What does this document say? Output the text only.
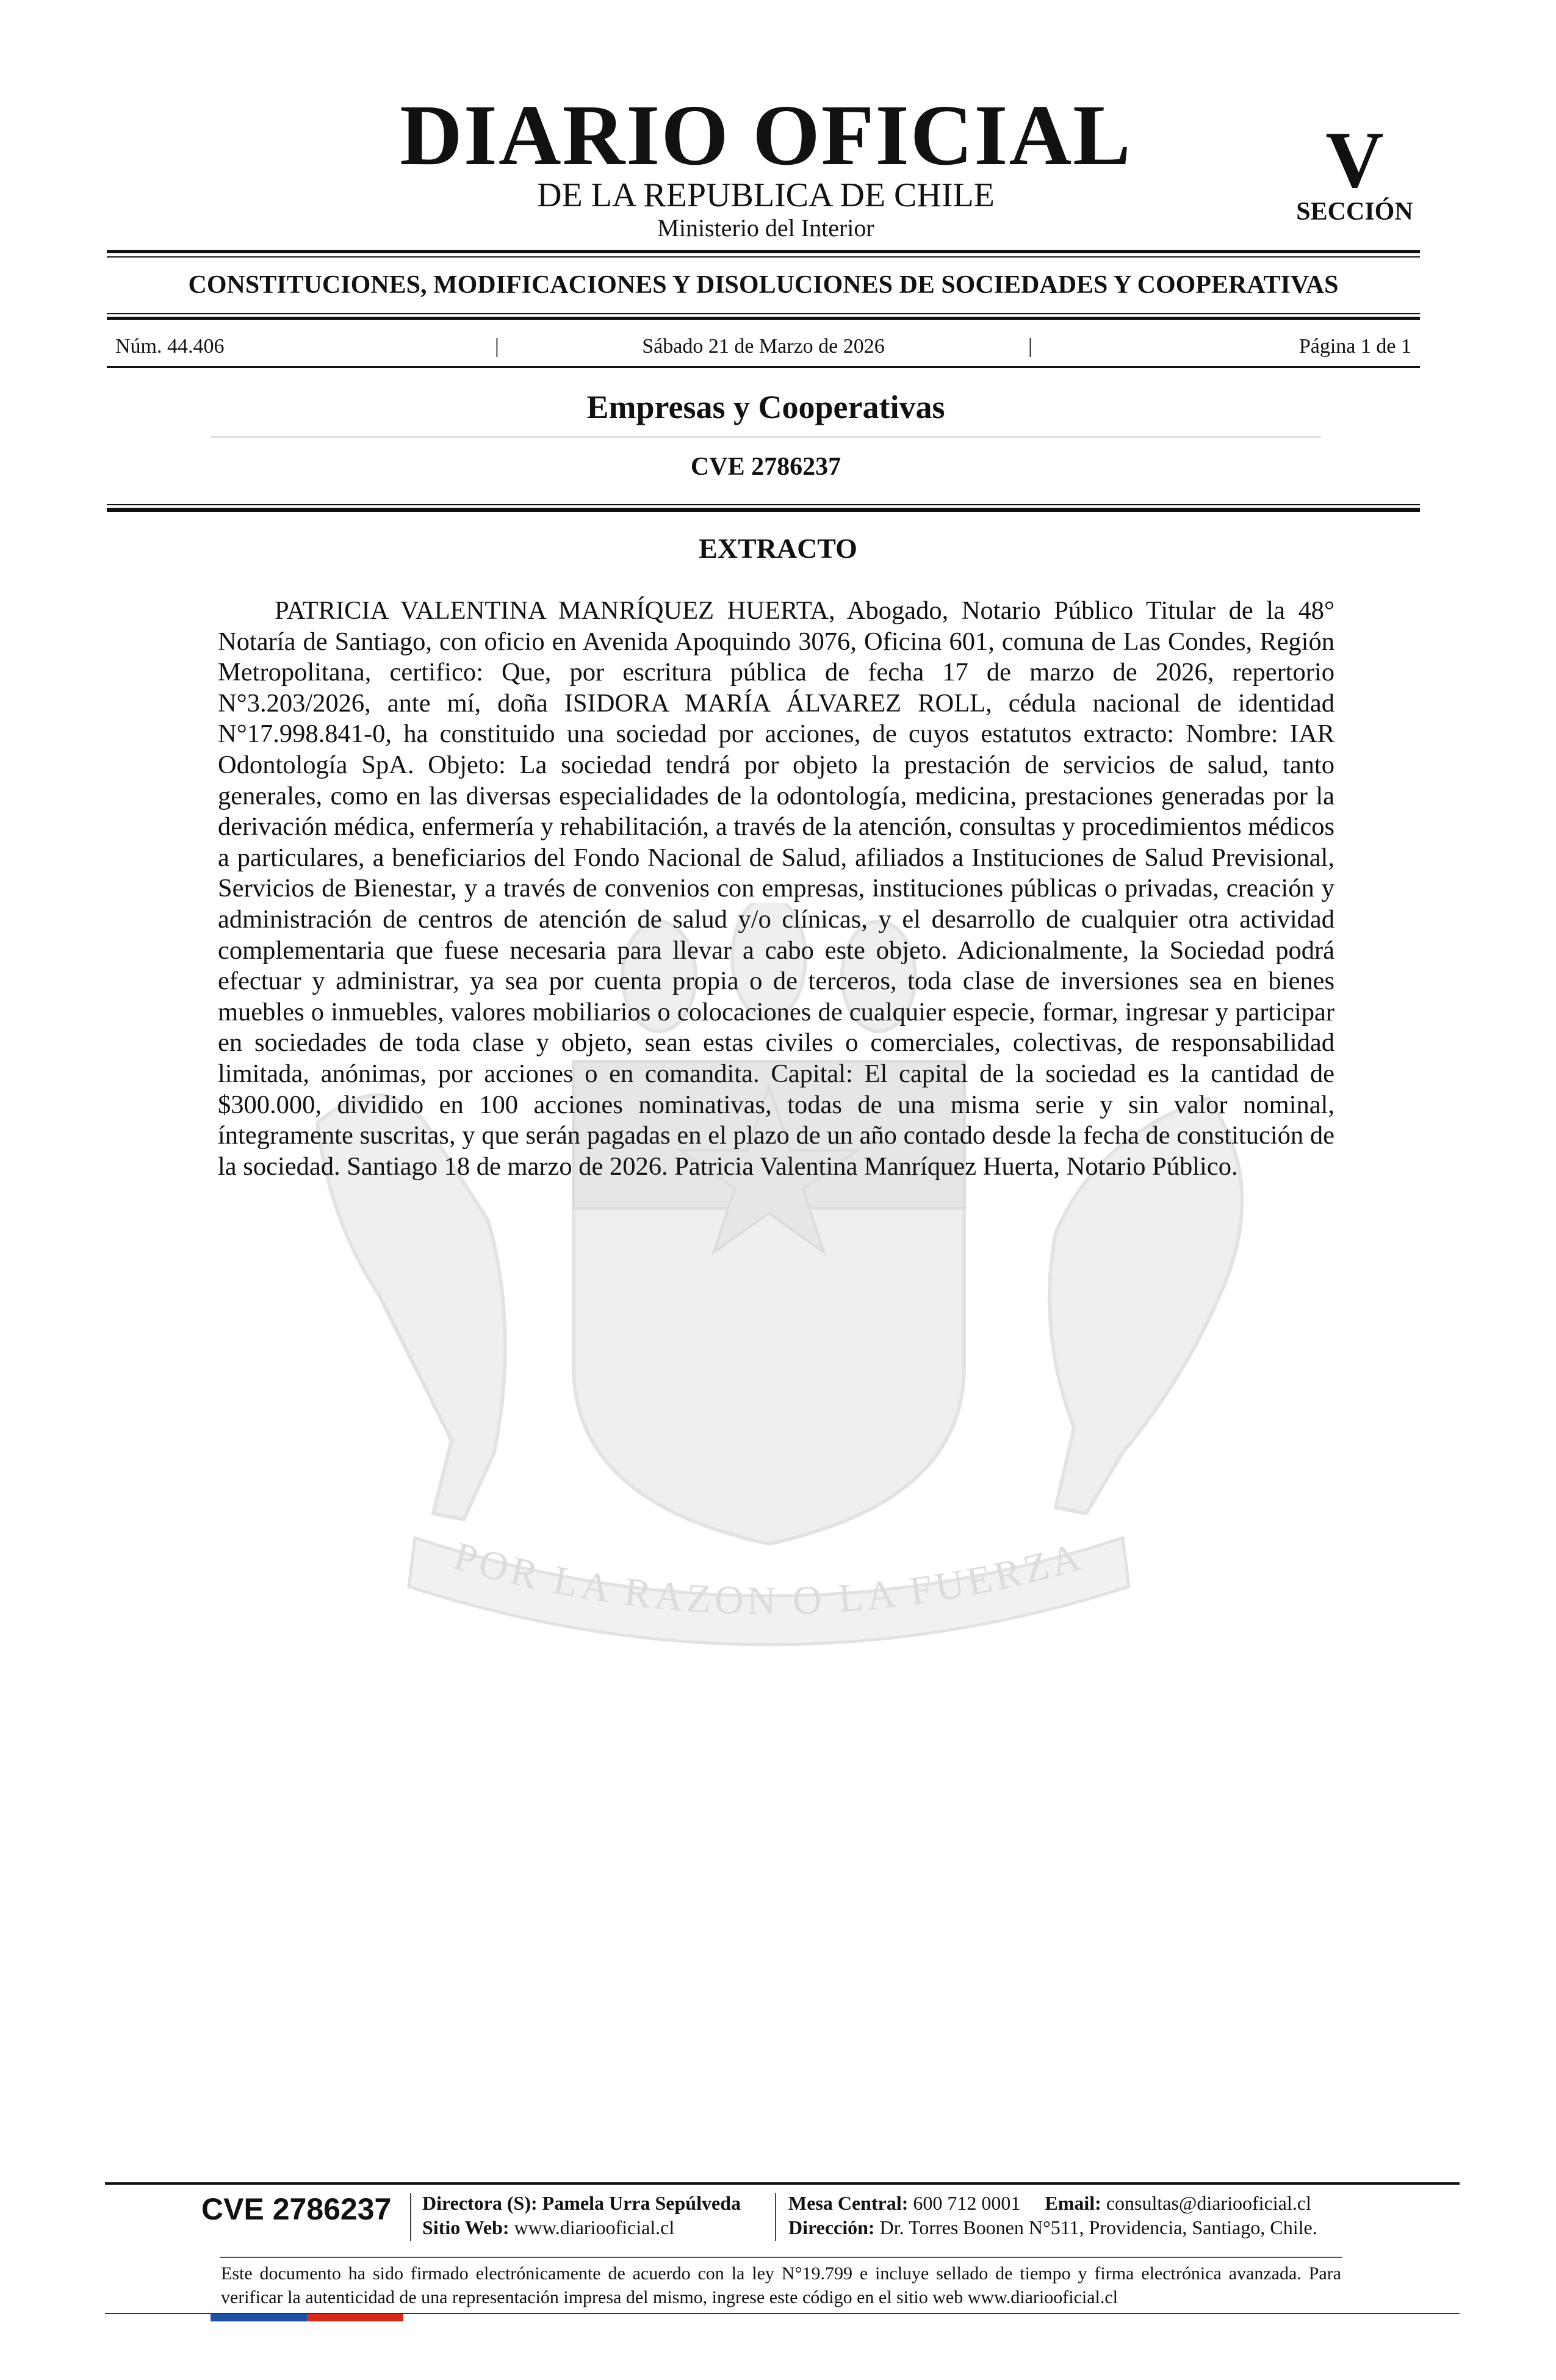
DIARIO OFICIAL
DE LA REPUBLICA DE CHILE
Ministerio del Interior
V
SECCIÓN
CONSTITUCIONES, MODIFICACIONES Y DISOLUCIONES DE SOCIEDADES Y COOPERATIVAS
Núm. 44.406	|	Sábado 21 de Marzo de 2026	|	Página 1 de 1
Empresas y Cooperativas
CVE 2786237
POR LA RAZON O LA FUERZA
EXTRACTO

PATRICIA VALENTINA MANRÍQUEZ HUERTA, Abogado, Notario Público Titular de la 48° Notaría de Santiago, con oficio en Avenida Apoquindo 3076, Oficina 601, comuna de Las Condes, Región Metropolitana, certifico: Que, por escritura pública de fecha 17 de marzo de 2026, repertorio N°3.203/2026, ante mí, doña ISIDORA MARÍA ÁLVAREZ ROLL, cédula nacional de identidad N°17.998.841-0, ha constituido una sociedad por acciones, de cuyos estatutos extracto: Nombre: IAR Odontología SpA. Objeto: La sociedad tendrá por objeto la prestación de servicios de salud, tanto generales, como en las diversas especialidades de la odontología, medicina, prestaciones generadas por la derivación médica, enfermería y rehabilitación, a través de la atención, consultas y procedimientos médicos a particulares, a beneficiarios del Fondo Nacional de Salud, afiliados a Instituciones de Salud Previsional, Servicios de Bienestar, y a través de convenios con empresas, instituciones públicas o privadas, creación y administración de centros de atención de salud y/o clínicas, y el desarrollo de cualquier otra actividad complementaria que fuese necesaria para llevar a cabo este objeto. Adicionalmente, la Sociedad podrá efectuar y administrar, ya sea por cuenta propia o de terceros, toda clase de inversiones sea en bienes muebles o inmuebles, valores mobiliarios o colocaciones de cualquier especie, formar, ingresar y participar en sociedades de toda clase y objeto, sean estas civiles o comerciales, colectivas, de responsabilidad limitada, anónimas, por acciones o en comandita. Capital: El capital de la sociedad es la cantidad de $300.000, dividido en 100 acciones nominativas, todas de una misma serie y sin valor nominal, íntegramente suscritas, y que serán pagadas en el plazo de un año contado desde la fecha de constitución de la sociedad. Santiago 18 de marzo de 2026. Patricia Valentina Manríquez Huerta, Notario Público.

CVE 2786237 Directora (S): Pamela Urra Sepúlveda
Sitio Web: www.diariooficial.cl
Mesa Central: 600 712 0001 Email: consultas@diariooficial.cl
Dirección: Dr. Torres Boonen N°511, Providencia, Santiago, Chile.

Este documento ha sido firmado electrónicamente de acuerdo con la ley N°19.799 e incluye sellado de tiempo y firma electrónica avanzada. Para verificar la autenticidad de una representación impresa del mismo, ingrese este código en el sitio web www.diariooficial.cl
